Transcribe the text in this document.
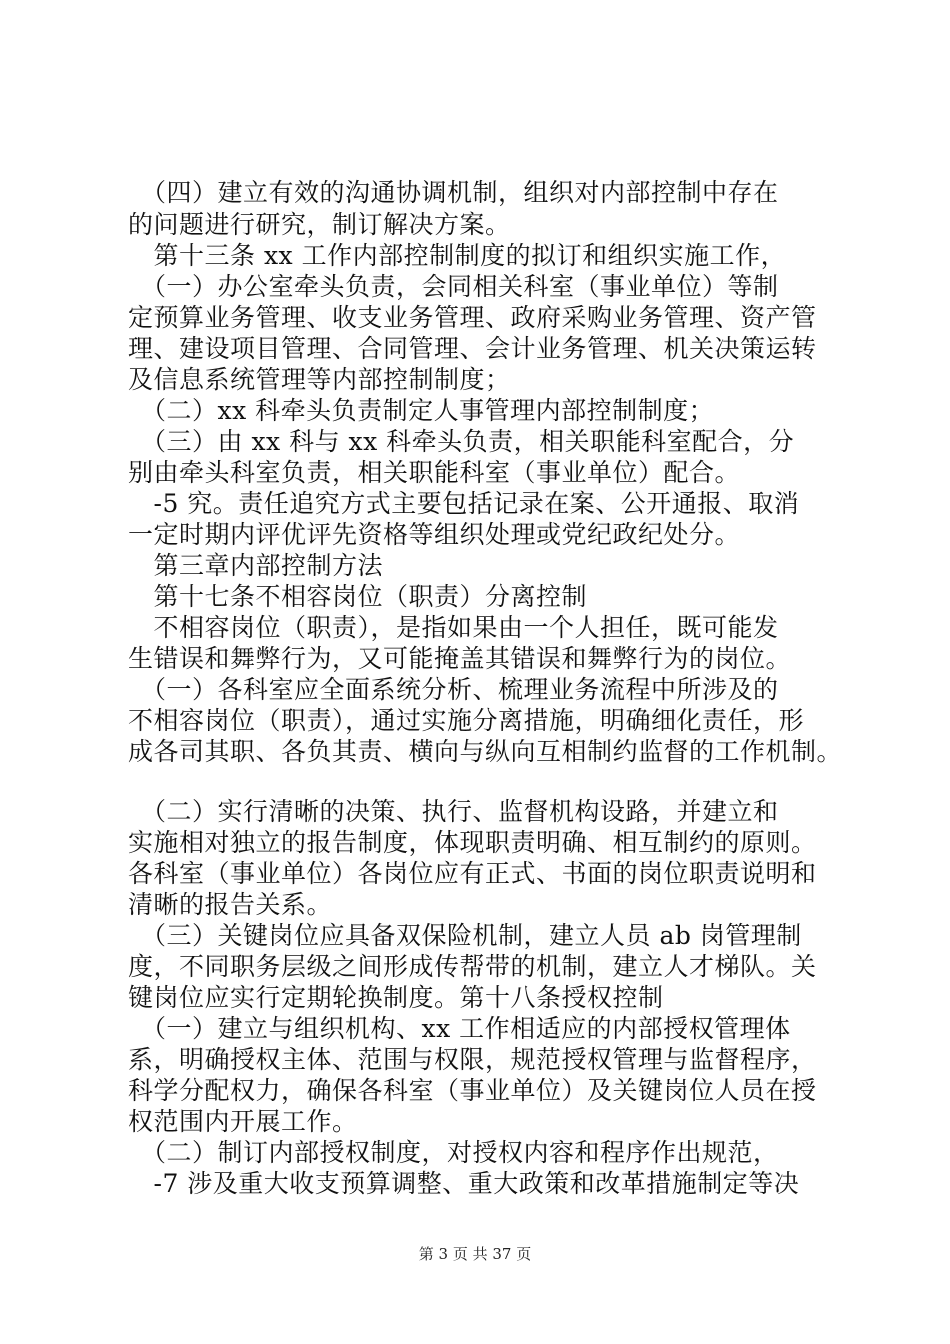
　（四）建立有效的沟通协调机制，组织对内部控制中存在
的问题进行研究，制订解决方案。
　第十三条 xx 工作内部控制制度的拟订和组织实施工作，
　（一）办公室牵头负责，会同相关科室（事业单位）等制
定预算业务管理、收支业务管理、政府采购业务管理、资产管
理、建设项目管理、合同管理、会计业务管理、机关决策运转
及信息系统管理等内部控制制度；
　（二）xx 科牵头负责制定人事管理内部控制制度；
　（三）由 xx 科与 xx 科牵头负责，相关职能科室配合，分
别由牵头科室负责，相关职能科室（事业单位）配合。
　-5 究。责任追究方式主要包括记录在案、公开通报、取消
一定时期内评优评先资格等组织处理或党纪政纪处分。
　第三章内部控制方法
　第十七条不相容岗位（职责）分离控制
　不相容岗位（职责），是指如果由一个人担任，既可能发
生错误和舞弊行为，又可能掩盖其错误和舞弊行为的岗位。
　（一）各科室应全面系统分析、梳理业务流程中所涉及的
不相容岗位（职责），通过实施分离措施，明确细化责任，形
成各司其职、各负其责、横向与纵向互相制约监督的工作机制。
　（二）实行清晰的决策、执行、监督机构设路，并建立和
实施相对独立的报告制度，体现职责明确、相互制约的原则。
各科室（事业单位）各岗位应有正式、书面的岗位职责说明和
清晰的报告关系。
　（三）关键岗位应具备双保险机制，建立人员 ab 岗管理制
度，不同职务层级之间形成传帮带的机制，建立人才梯队。关
键岗位应实行定期轮换制度。第十八条授权控制
　（一）建立与组织机构、xx 工作相适应的内部授权管理体
系，明确授权主体、范围与权限，规范授权管理与监督程序，
科学分配权力，确保各科室（事业单位）及关键岗位人员在授
权范围内开展工作。
　（二）制订内部授权制度，对授权内容和程序作出规范，
　-7 涉及重大收支预算调整、重大政策和改革措施制定等决
第 3 页 共 37 页
